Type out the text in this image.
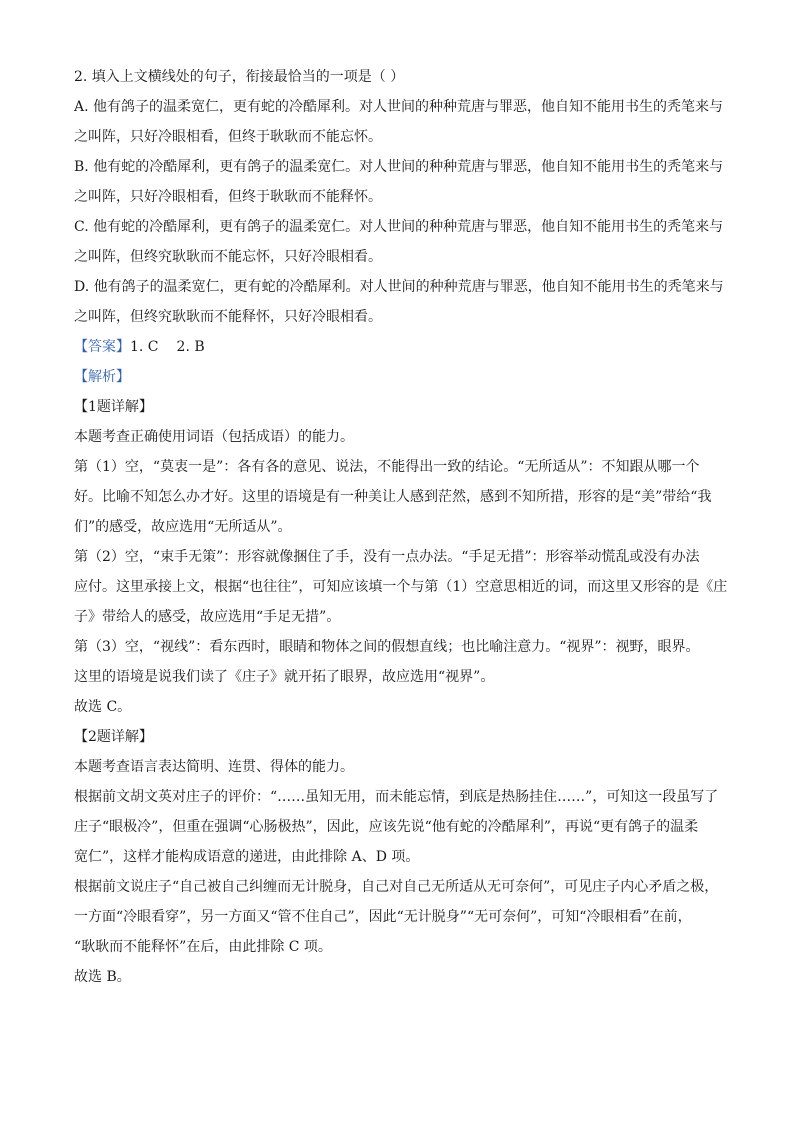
2. 填入上文横线处的句子，衔接最恰当的一项是（ ）
A. 他有鸽子的温柔宽仁，更有蛇的冷酷犀利。对人世间的种种荒唐与罪恶，他自知不能用书生的秃笔来与
之叫阵，只好冷眼相看，但终于耿耿而不能忘怀。
B. 他有蛇的冷酷犀利，更有鸽子的温柔宽仁。对人世间的种种荒唐与罪恶，他自知不能用书生的秃笔来与
之叫阵，只好冷眼相看，但终于耿耿而不能释怀。
C. 他有蛇的冷酷犀利，更有鸽子的温柔宽仁。对人世间的种种荒唐与罪恶，他自知不能用书生的秃笔来与
之叫阵，但终究耿耿而不能忘怀，只好冷眼相看。
D. 他有鸽子的温柔宽仁，更有蛇的冷酷犀利。对人世间的种种荒唐与罪恶，他自知不能用书生的秃笔来与
之叫阵，但终究耿耿而不能释怀，只好冷眼相看。
【答案】1. C 2. B
【解析】
【1题详解】
本题考查正确使用词语（包括成语）的能力。
第（1）空，“莫衷一是”：各有各的意见、说法，不能得出一致的结论。“无所适从”：不知跟从哪一个
好。比喻不知怎么办才好。这里的语境是有一种美让人感到茫然，感到不知所措，形容的是“美”带给“我
们”的感受，故应选用“无所适从”。
第（2）空，“束手无策”：形容就像捆住了手，没有一点办法。“手足无措”：形容举动慌乱或没有办法
应付。这里承接上文，根据“也往往”，可知应该填一个与第（1）空意思相近的词，而这里又形容的是《庄
子》带给人的感受，故应选用“手足无措”。
第（3）空，“视线”：看东西时，眼睛和物体之间的假想直线；也比喻注意力。“视界”：视野，眼界。
这里的语境是说我们读了《庄子》就开拓了眼界，故应选用“视界”。
故选 C。
【2题详解】
本题考查语言表达简明、连贯、得体的能力。
根据前文胡文英对庄子的评价：“……虽知无用，而未能忘情，到底是热肠挂住……”，可知这一段虽写了
庄子“眼极冷”，但重在强调“心肠极热”，因此，应该先说“他有蛇的冷酷犀利”，再说“更有鸽子的温柔
宽仁”，这样才能构成语意的递进，由此排除 A、D 项。
根据前文说庄子“自己被自己纠缠而无计脱身，自己对自己无所适从无可奈何”，可见庄子内心矛盾之极，
一方面“冷眼看穿”，另一方面又“管不住自己”，因此“无计脱身”“无可奈何”，可知“冷眼相看”在前，
“耿耿而不能释怀”在后，由此排除 C 项。
故选 B。
